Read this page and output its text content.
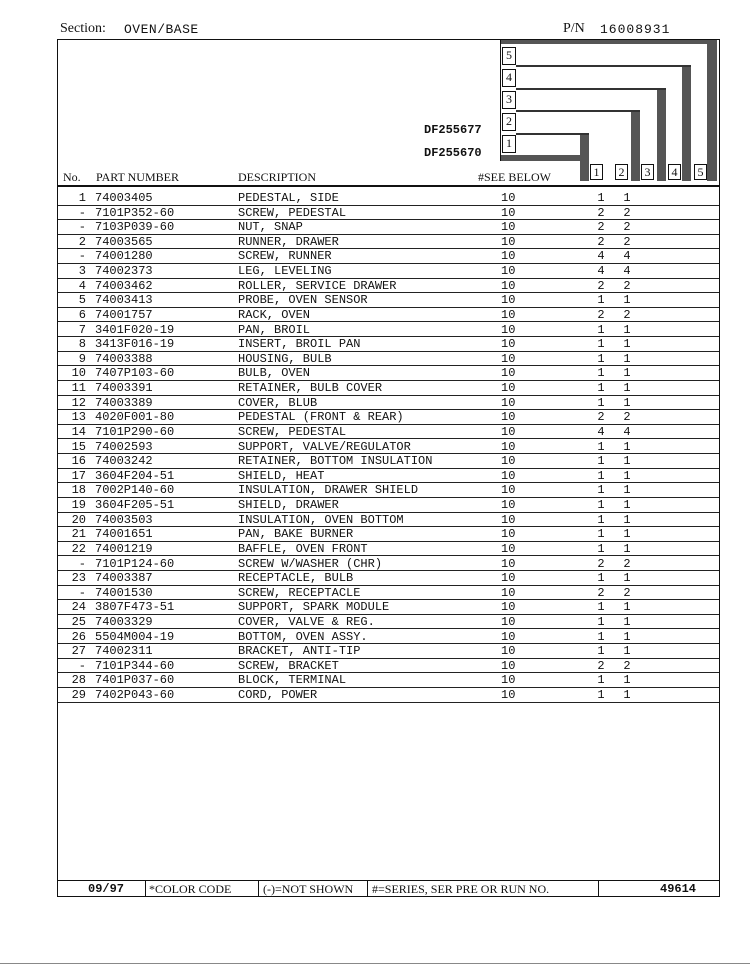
Section: OVEN/BASE	P/N 16008931
5
4
3
2
1
DF255677
DF255670
1 2 3 4 5
No. PART NUMBER	DESCRIPTION	#SEE BELOW
1 74003405	PEDESTAL, SIDE	10	1 1
- 7101P352-60	SCREW, PEDESTAL	10	2 2
- 7103P039-60	NUT, SNAP	10	2 2
2 74003565	RUNNER, DRAWER	10	2 2
- 74001280	SCREW, RUNNER	10	4 4
3 74002373	LEG, LEVELING	10	4 4
4 74003462	ROLLER, SERVICE DRAWER	10	2 2
5 74003413	PROBE, OVEN SENSOR	10	1 1
6 74001757	RACK, OVEN	10	2 2
7 3401F020-19	PAN, BROIL	10	1 1
8 3413F016-19	INSERT, BROIL PAN	10	1 1
9 74003388	HOUSING, BULB	10	1 1
10 7407P103-60	BULB, OVEN	10	1 1
11 74003391	RETAINER, BULB COVER	10	1 1
12 74003389	COVER, BLUB	10	1 1
13 4020F001-80	PEDESTAL (FRONT & REAR)	10	2 2
14 7101P290-60	SCREW, PEDESTAL	10	4 4
15 74002593	SUPPORT, VALVE/REGULATOR	10	1 1
16 74003242	RETAINER, BOTTOM INSULATION	10	1 1
17 3604F204-51	SHIELD, HEAT	10	1 1
18 7002P140-60	INSULATION, DRAWER SHIELD	10	1 1
19 3604F205-51	SHIELD, DRAWER	10	1 1
20 74003503	INSULATION, OVEN BOTTOM	10	1 1
21 74001651	PAN, BAKE BURNER	10	1 1
22 74001219	BAFFLE, OVEN FRONT	10	1 1
- 7101P124-60	SCREW W/WASHER (CHR)	10	2 2
23 74003387	RECEPTACLE, BULB	10	1 1
- 74001530	SCREW, RECEPTACLE	10	2 2
24 3807F473-51	SUPPORT, SPARK MODULE	10	1 1
25 74003329	COVER, VALVE & REG.	10	1 1
26 5504M004-19	BOTTOM, OVEN ASSY.	10	1 1
27 74002311	BRACKET, ANTI-TIP	10	1 1
- 7101P344-60	SCREW, BRACKET	10	2 2
28 7401P037-60	BLOCK, TERMINAL	10	1 1
29 7402P043-60	CORD, POWER	10	1 1
09/97 *COLOR CODE	(-)=NOT SHOWN #=SERIES, SER PRE OR RUN NO.	49614
